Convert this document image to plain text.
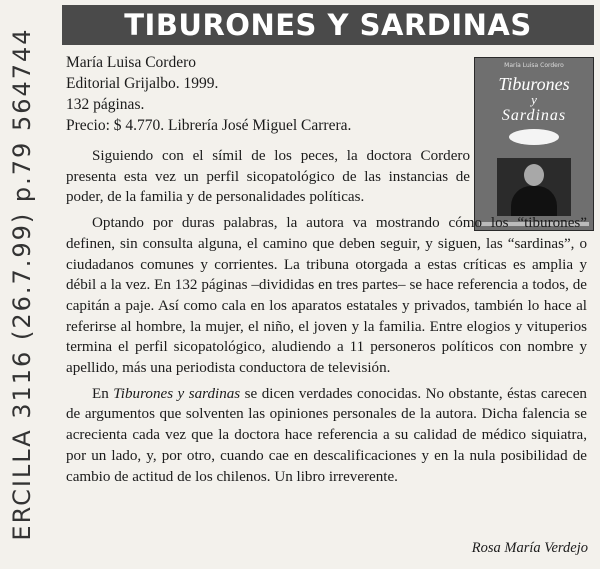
ERCILLA 3116 (26.7.99) p.79 564744
TIBURONES Y SARDINAS
María Luisa Cordero
Editorial Grijalbo. 1999.
132 páginas.
Precio: $ 4.770. Librería José Miguel Carrera.
María Luisa Cordero
Tiburones
y
Sardinas

Siguiendo con el símil de los peces, la doctora Cordero presenta esta vez un perfil sicopatológico de las instancias de poder, de la familia y de personalidades políticas.

Optando por duras palabras, la autora va mostrando cómo los “tiburones” definen, sin consulta alguna, el camino que deben seguir, y siguen, las “sardinas”, o ciudadanos comunes y corrientes. La tribuna otorgada a estas críticas es amplia y débil a la vez. En 132 páginas –divididas en tres partes– se hace referencia a todos, de capitán a paje. Así como cala en los aparatos estatales y privados, también lo hace al referirse al hombre, la mujer, el niño, el joven y la familia. Entre elogios y vituperios termina el perfil sicopatológico, aludiendo a 11 personeros políticos con nombre y apellido, más una periodista conductora de televisión.

En Tiburones y sardinas se dicen verdades conocidas. No obstante, éstas carecen de argumentos que solventen las opiniones personales de la autora. Dicha falencia se acrecienta cada vez que la doctora hace referencia a su calidad de médico siquiatra, por un lado, y, por otro, cuando cae en descalificaciones y en la nula posibilidad de cambio de actitud de los chilenos. Un libro irreverente.

Rosa María Verdejo
